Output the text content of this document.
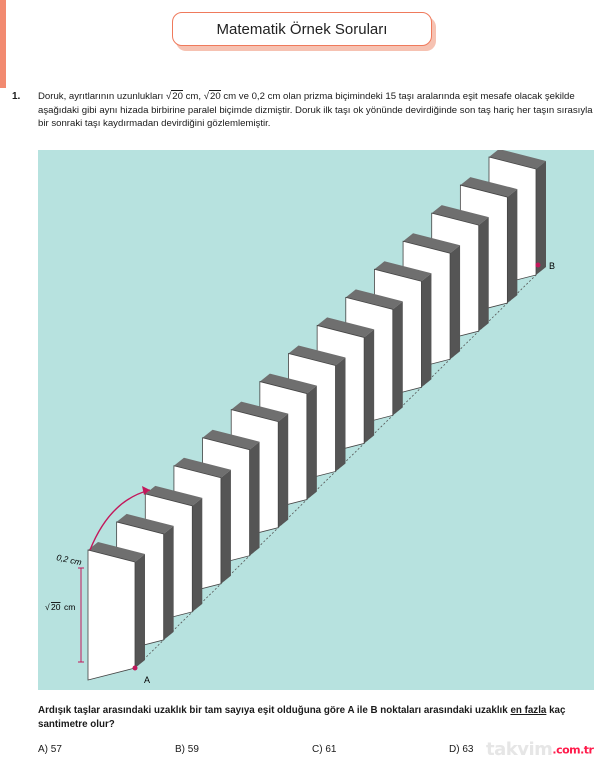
Matematik Örnek Soruları
1. Doruk, ayrıtlarının uzunlukları √20 cm, √20 cm ve 0,2 cm olan prizma biçimindeki 15 taşı aralarında eşit mesafe olacak şekilde aşağıdaki gibi aynı hizada birbirine paralel biçimde dizmiştir. Doruk ilk taşı ok yönünde devirdiğinde son taş hariç her taşın sırasıyla bir sonraki taşı kaydırmadan devirdiğini gözlemlemiştir.
A
B
0,2 cm
√ 20 cm
Ardışık taşlar arasındaki uzaklık bir tam sayıya eşit olduğuna göre A ile B noktaları arasındaki uzaklık en fazla kaç santimetre olur?
A) 57	B) 59	C) 61	D) 63 takvim.com.tr
